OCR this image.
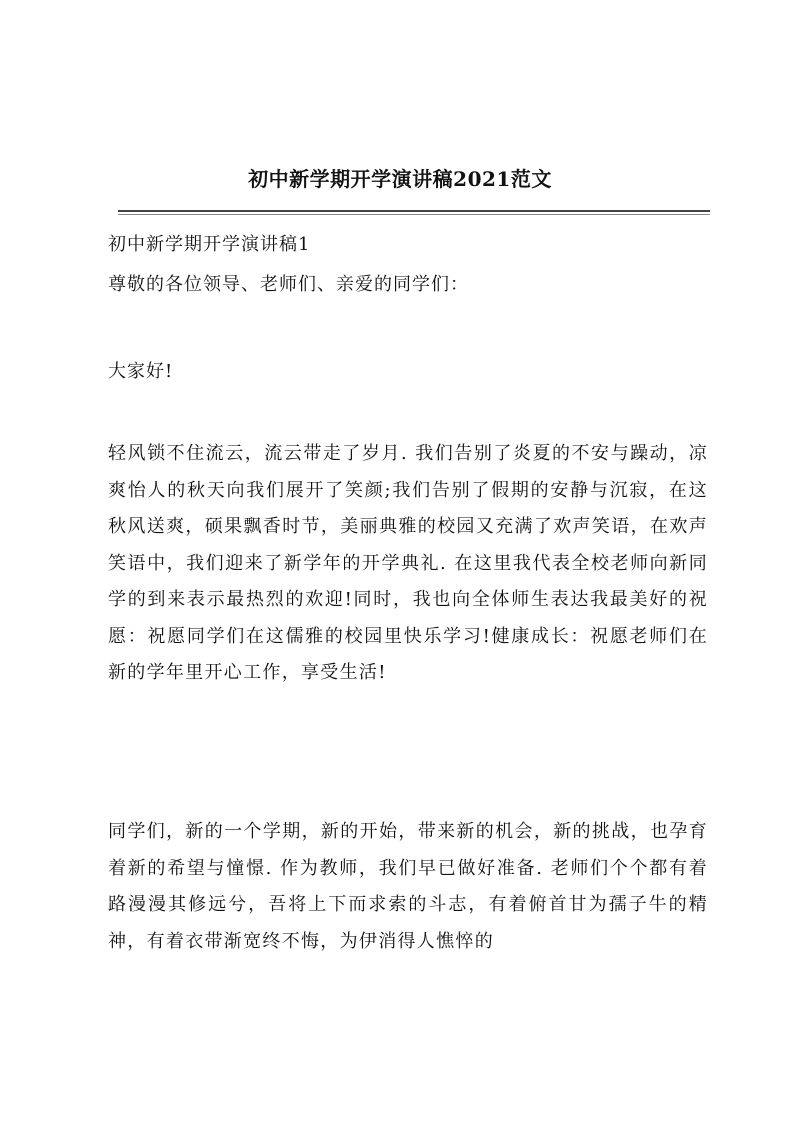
初中新学期开学演讲稿2021范文
初中新学期开学演讲稿1
尊敬的各位领导、老师们、亲爱的同学们：
大家好!

轻风锁不住流云，流云带走了岁月. 我们告别了炎夏的不安与躁动，凉爽怡人的秋天向我们展开了笑颜;我们告别了假期的安静与沉寂，在这秋风送爽，硕果飘香时节，美丽典雅的校园又充满了欢声笑语，在欢声笑语中，我们迎来了新学年的开学典礼. 在这里我代表全校老师向新同学的到来表示最热烈的欢迎!同时，我也向全体师生表达我最美好的祝愿：祝愿同学们在这儒雅的校园里快乐学习!健康成长：祝愿老师们在新的学年里开心工作，享受生活!

同学们，新的一个学期，新的开始，带来新的机会，新的挑战，也孕育着新的希望与憧憬. 作为教师，我们早已做好准备. 老师们个个都有着路漫漫其修远兮，吾将上下而求索的斗志，有着俯首甘为孺子牛的精神，有着衣带渐宽终不悔，为伊消得人憔悴的
